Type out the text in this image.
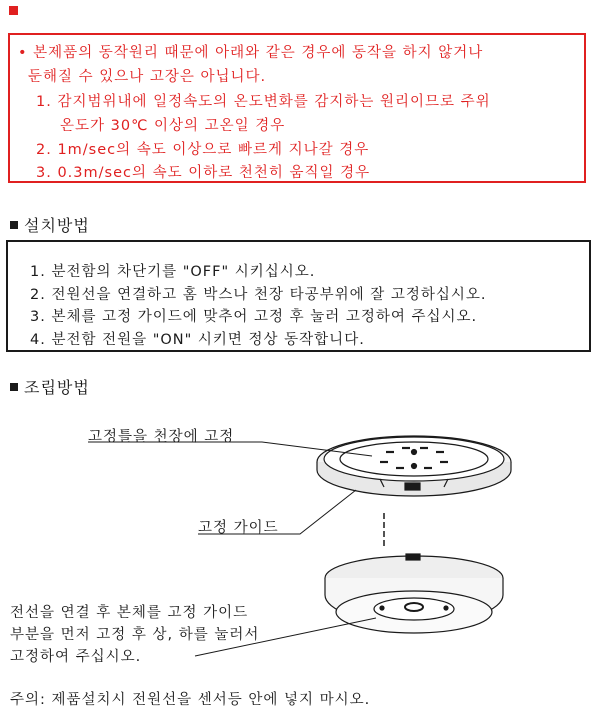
• 본제품의 동작원리 때문에 아래와 같은 경우에 동작을 하지 않거나
둔해질 수 있으나 고장은 아닙니다.
1. 감지범위내에 일정속도의 온도변화를 감지하는 원리이므로 주위
온도가 30℃ 이상의 고온일 경우
2. 1m/sec의 속도 이상으로 빠르게 지나갈 경우
3. 0.3m/sec의 속도 이하로 천천히 움직일 경우
설치방법
1. 분전함의 차단기를 "OFF" 시키십시오.
2. 전원선을 연결하고 홈 박스나 천장 타공부위에 잘 고정하십시오.
3. 본체를 고정 가이드에 맞추어 고정 후 눌러 고정하여 주십시오.
4. 분전함 전원을 "ON" 시키면 정상 동작합니다.
조립방법
고정틀을 천장에 고정
고정 가이드
전선을 연결 후 본체를 고정 가이드
부분을 먼저 고정 후 상, 하를 눌러서
고정하여 주십시오.
주의: 제품설치시 전원선을 센서등 안에 넣지 마시오.
